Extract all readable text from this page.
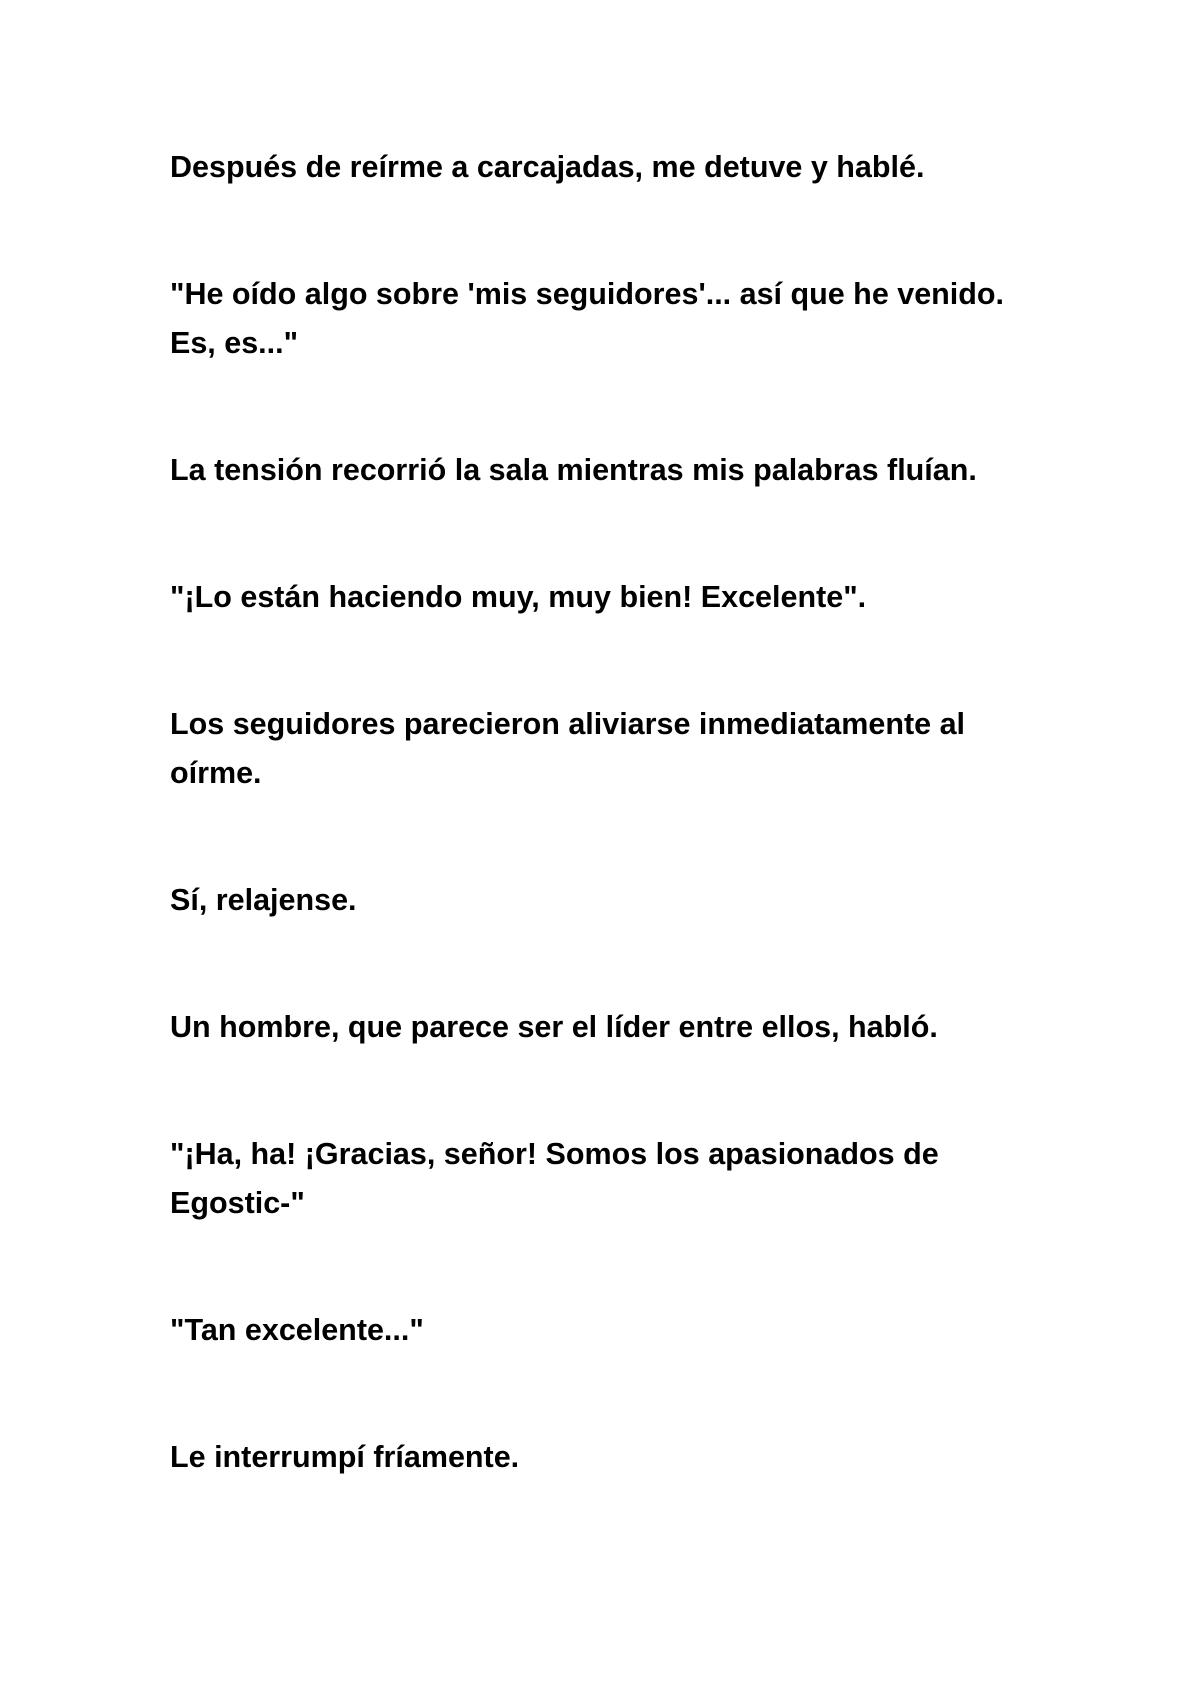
Después de reírme a carcajadas, me detuve y hablé.

"He oído algo sobre 'mis seguidores'... así que he venido. Es, es..."

La tensión recorrió la sala mientras mis palabras fluían.

"¡Lo están haciendo muy, muy bien! Excelente".

Los seguidores parecieron aliviarse inmediatamente al oírme.

Sí, relajense.

Un hombre, que parece ser el líder entre ellos, habló.

"¡Ha, ha! ¡Gracias, señor! Somos los apasionados de Egostic-"

"Tan excelente..."

Le interrumpí fríamente.
